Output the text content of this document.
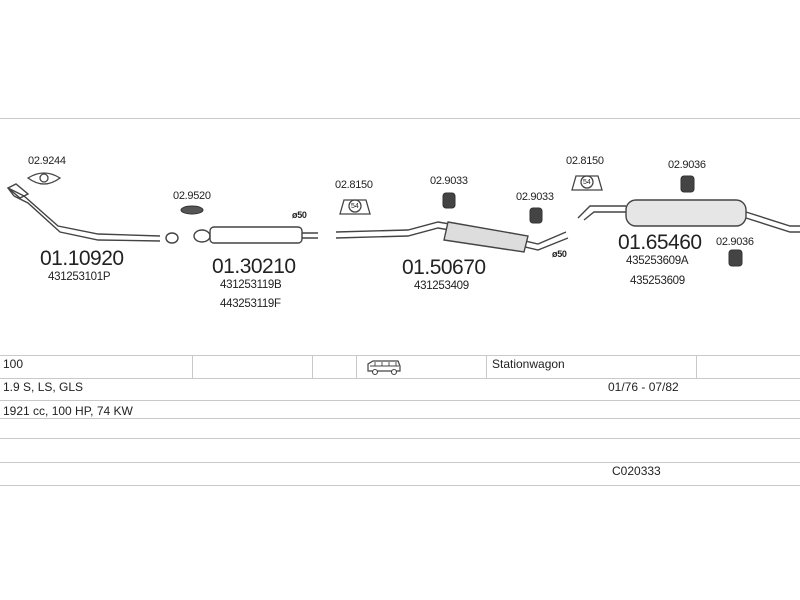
02.9244
02.9520
02.8150	02.9033
02.9033
02.8150	02.9036
02.9036
54
54
ø50
ø50
01.10920
431253101P	01.30210
431253119B
443253119F
01.50670
431253409
01.65460
435253609A
435253609
100	Stationwagon
1.9 S, LS, GLS	01/76 - 07/82
1921 cc, 100 HP, 74 KW
C020333
